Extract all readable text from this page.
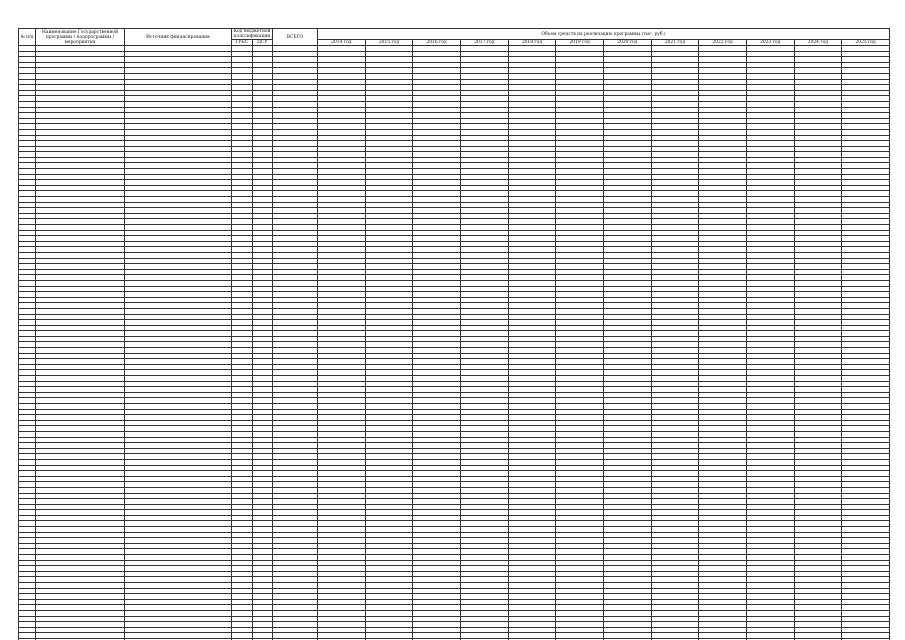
№ п/п	Наименование Государственной программы / подпрограммы / мероприятия	Источник финансирования	Код бюджетной классификации		ВСЕГО	Объем средств на реализацию программы (тыс. руб.)											
			ГРБС	ЦСР		2014 год	2015 год	2016 год	2017 год	2018 год	2019 год	2020 год	2021 год	2022 год	2023 год	2024 год	2025 год
